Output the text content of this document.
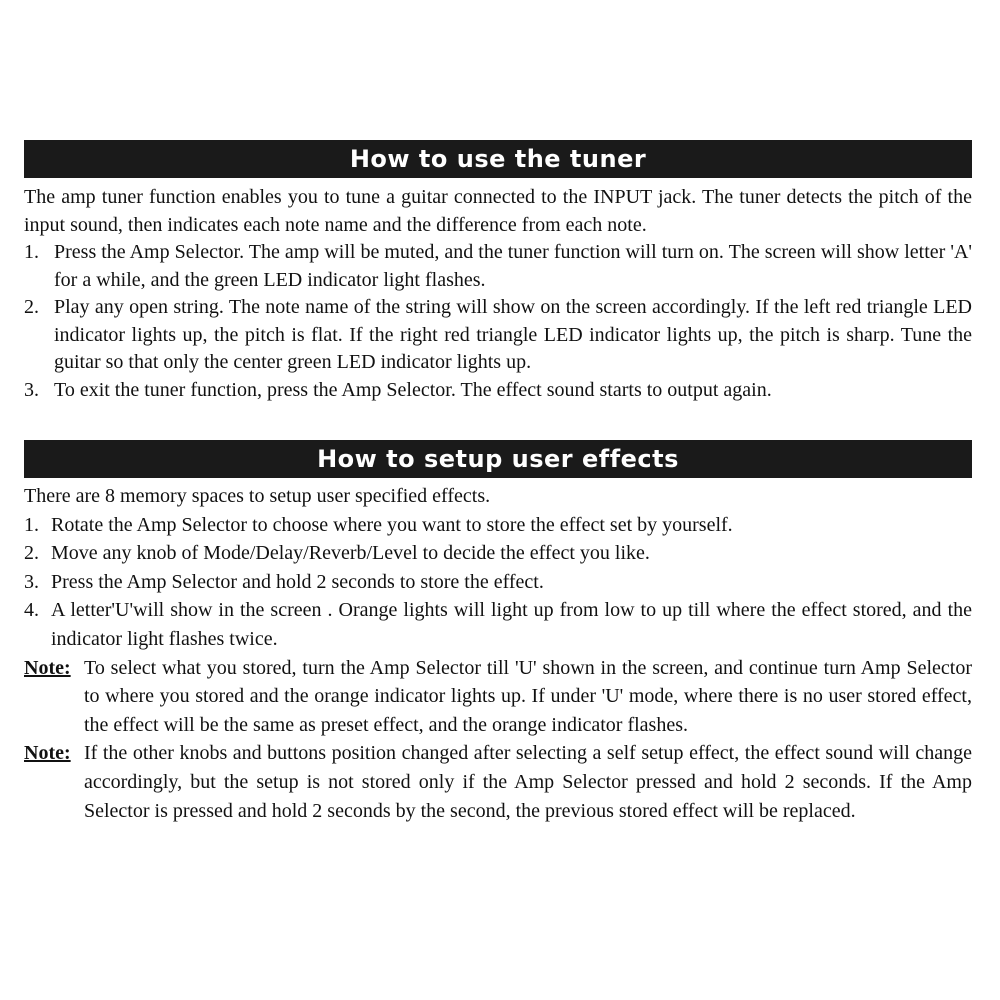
How to use the tuner

The amp tuner function enables you to tune a guitar connected to the INPUT jack. The tuner detects the pitch of the input sound, then indicates each note name and the difference from each note.

1. Press the Amp Selector. The amp will be muted, and the tuner function will turn on. The screen will show letter 'A' for a while, and the green LED indicator light flashes.
2. Play any open string. The note name of the string will show on the screen accordingly. If the left red triangle LED indicator lights up, the pitch is flat. If the right red triangle LED indicator lights up, the pitch is sharp. Tune the guitar so that only the center green LED indicator lights up.
3. To exit the tuner function, press the Amp Selector. The effect sound starts to output again.
How to setup user effects

There are 8 memory spaces to setup user specified effects.

1. Rotate the Amp Selector to choose where you want to store the effect set by yourself.
2. Move any knob of Mode/Delay/Reverb/Level to decide the effect you like.
3. Press the Amp Selector and hold 2 seconds to store the effect.
4. A letter'U'will show in the screen . Orange lights will light up from low to up till where the effect stored, and the indicator light flashes twice.
Note: To select what you stored, turn the Amp Selector till 'U' shown in the screen, and continue turn Amp Selector to where you stored and the orange indicator lights up. If under 'U' mode, where there is no user stored effect, the effect will be the same as preset effect, and the orange indicator flashes.
Note: If the other knobs and buttons position changed after selecting a self setup effect, the effect sound will change accordingly, but the setup is not stored only if the Amp Selector pressed and hold 2 seconds. If the Amp Selector is pressed and hold 2 seconds by the second, the previous stored effect will be replaced.
